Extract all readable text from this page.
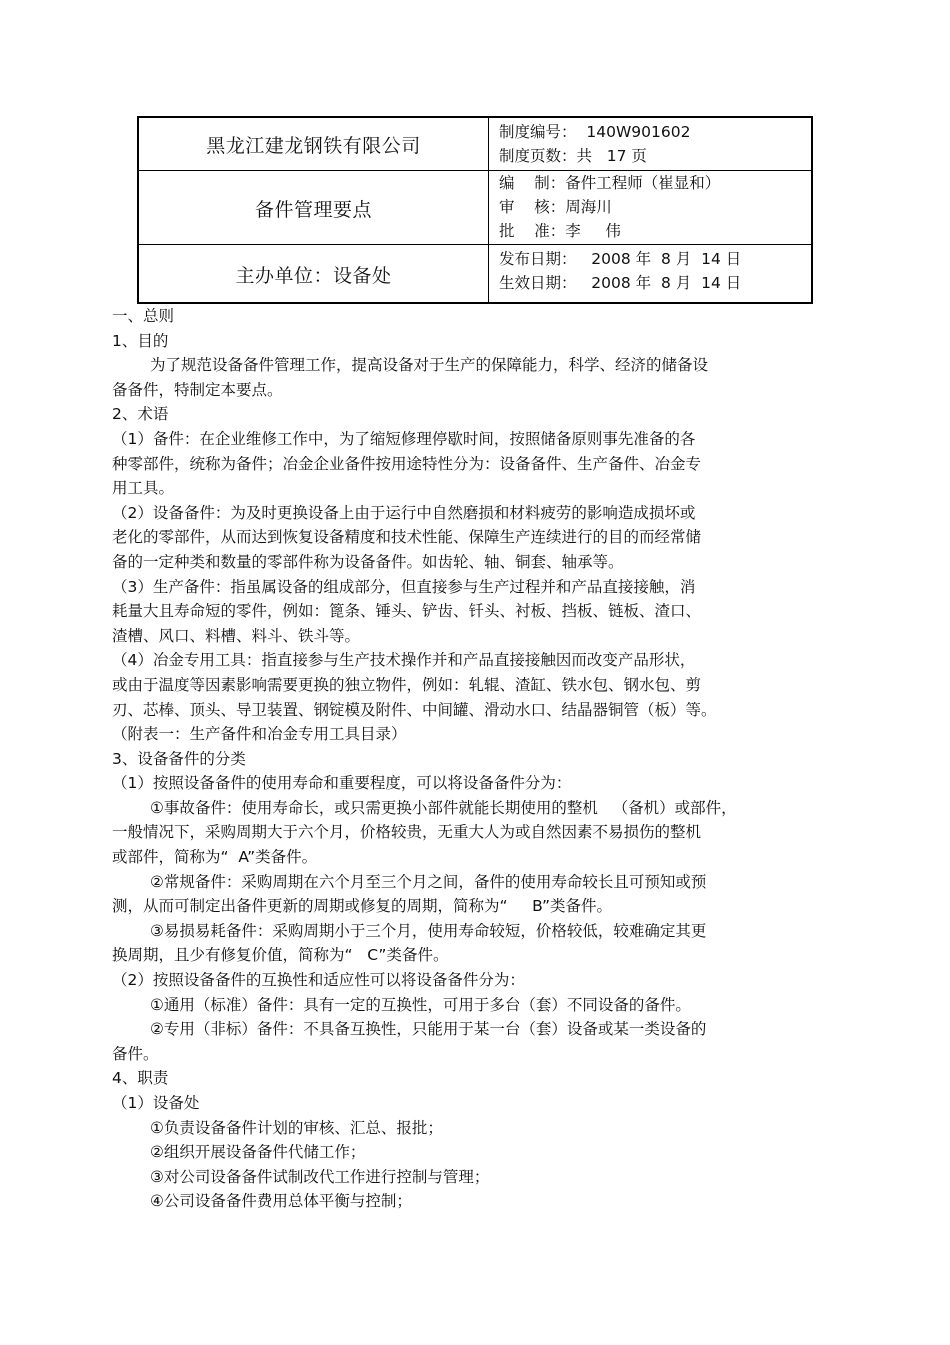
黑龙江建龙钢铁有限公司
制度编号：  140W901602
制度页数：共   17 页
备件管理要点
编    制：备件工程师（崔显和）
审    核：周海川
批    准：李     伟
主办单位：设备处
发布日期：   2008 年  8 月  14 日
生效日期：   2008 年  8 月  14 日
一、总则
1、目的
为了规范设备备件管理工作，提高设备对于生产的保障能力，科学、经济的储备设
备备件，特制定本要点。
2、术语
（1）备件：在企业维修工作中，为了缩短修理停歇时间，按照储备原则事先准备的各
种零部件，统称为备件；冶金企业备件按用途特性分为：设备备件、生产备件、冶金专
用工具。
（2）设备备件：为及时更换设备上由于运行中自然磨损和材料疲劳的影响造成损坏或
老化的零部件，从而达到恢复设备精度和技术性能、保障生产连续进行的目的而经常储
备的一定种类和数量的零部件称为设备备件。如齿轮、轴、铜套、轴承等。
（3）生产备件：指虽属设备的组成部分，但直接参与生产过程并和产品直接接触，消
耗量大且寿命短的零件，例如：篦条、锤头、铲齿、钎头、衬板、挡板、链板、渣口、
渣槽、风口、料槽、料斗、铁斗等。
（4）冶金专用工具：指直接参与生产技术操作并和产品直接接触因而改变产品形状，
或由于温度等因素影响需要更换的独立物件，例如：轧辊、渣缸、铁水包、钢水包、剪
刃、芯棒、顶头、导卫装置、钢锭模及附件、中间罐、滑动水口、结晶器铜管（板）等。
（附表一：生产备件和冶金专用工具目录）
3、设备备件的分类
（1）按照设备备件的使用寿命和重要程度，可以将设备备件分为：
①事故备件：使用寿命长，或只需更换小部件就能长期使用的整机   （备机）或部件，
一般情况下，采购周期大于六个月，价格较贵，无重大人为或自然因素不易损伤的整机
或部件，简称为“  A”类备件。
②常规备件：采购周期在六个月至三个月之间，备件的使用寿命较长且可预知或预
测，从而可制定出备件更新的周期或修复的周期，简称为“     B”类备件。
③易损易耗备件：采购周期小于三个月，使用寿命较短，价格较低，较难确定其更
换周期，且少有修复价值，简称为“   C”类备件。
（2）按照设备备件的互换性和适应性可以将设备备件分为：
①通用（标准）备件：具有一定的互换性，可用于多台（套）不同设备的备件。
②专用（非标）备件：不具备互换性，只能用于某一台（套）设备或某一类设备的
备件。
4、职责
（1）设备处
①负责设备备件计划的审核、汇总、报批；
②组织开展设备备件代储工作；
③对公司设备备件试制改代工作进行控制与管理；
④公司设备备件费用总体平衡与控制；
